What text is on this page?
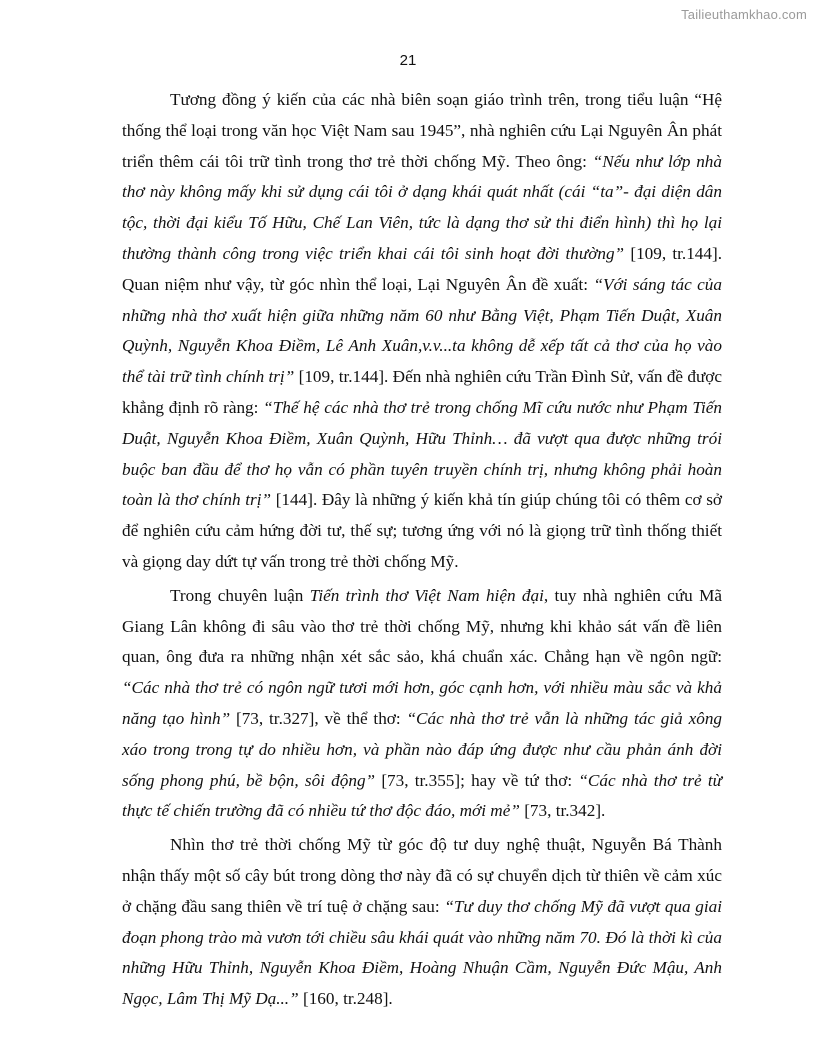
Tailieuthamkhao.com
21

Tương đồng ý kiến của các nhà biên soạn giáo trình trên, trong tiểu luận “Hệ thống thể loại trong văn học Việt Nam sau 1945”, nhà nghiên cứu Lại Nguyên Ân phát triển thêm cái tôi trữ tình trong thơ trẻ thời chống Mỹ. Theo ông: “Nếu như lớp nhà thơ này không mấy khi sử dụng cái tôi ở dạng khái quát nhất (cái “ta”- đại diện dân tộc, thời đại kiểu Tố Hữu, Chế Lan Viên, tức là dạng thơ sử thi điển hình) thì họ lại thường thành công trong việc triển khai cái tôi sinh hoạt đời thường” [109, tr.144]. Quan niệm như vậy, từ góc nhìn thể loại, Lại Nguyên Ân đề xuất: “Với sáng tác của những nhà thơ xuất hiện giữa những năm 60 như Bằng Việt, Phạm Tiến Duật, Xuân Quỳnh, Nguyễn Khoa Điềm, Lê Anh Xuân,v.v...ta không dễ xếp tất cả thơ của họ vào thể tài trữ tình chính trị” [109, tr.144]. Đến nhà nghiên cứu Trần Đình Sử, vấn đề được khẳng định rõ ràng: “Thế hệ các nhà thơ trẻ trong chống Mĩ cứu nước như Phạm Tiến Duật, Nguyễn Khoa Điềm, Xuân Quỳnh, Hữu Thỉnh… đã vượt qua được những trói buộc ban đầu để thơ họ vẫn có phần tuyên truyền chính trị, nhưng không phải hoàn toàn là thơ chính trị” [144]. Đây là những ý kiến khả tín giúp chúng tôi có thêm cơ sở để nghiên cứu cảm hứng đời tư, thế sự; tương ứng với nó là giọng trữ tình thống thiết và giọng day dứt tự vấn trong trẻ thời chống Mỹ.

Trong chuyên luận Tiến trình thơ Việt Nam hiện đại, tuy nhà nghiên cứu Mã Giang Lân không đi sâu vào thơ trẻ thời chống Mỹ, nhưng khi khảo sát vấn đề liên quan, ông đưa ra những nhận xét sắc sảo, khá chuẩn xác. Chẳng hạn về ngôn ngữ: “Các nhà thơ trẻ có ngôn ngữ tươi mới hơn, góc cạnh hơn, với nhiều màu sắc và khả năng tạo hình” [73, tr.327], về thể thơ: “Các nhà thơ trẻ vẫn là những tác giả xông xáo trong trong tự do nhiều hơn, và phần nào đáp ứng được như cầu phản ánh đời sống phong phú, bề bộn, sôi động” [73, tr.355]; hay về tứ thơ: “Các nhà thơ trẻ từ thực tế chiến trường đã có nhiều tứ thơ độc đáo, mới mẻ” [73, tr.342].

Nhìn thơ trẻ thời chống Mỹ từ góc độ tư duy nghệ thuật, Nguyễn Bá Thành nhận thấy một số cây bút trong dòng thơ này đã có sự chuyển dịch từ thiên về cảm xúc ở chặng đầu sang thiên về trí tuệ ở chặng sau: “Tư duy thơ chống Mỹ đã vượt qua giai đoạn phong trào mà vươn tới chiều sâu khái quát vào những năm 70. Đó là thời kì của những Hữu Thỉnh, Nguyễn Khoa Điềm, Hoàng Nhuận Cầm, Nguyễn Đức Mậu, Anh Ngọc, Lâm Thị Mỹ Dạ...” [160, tr.248].
